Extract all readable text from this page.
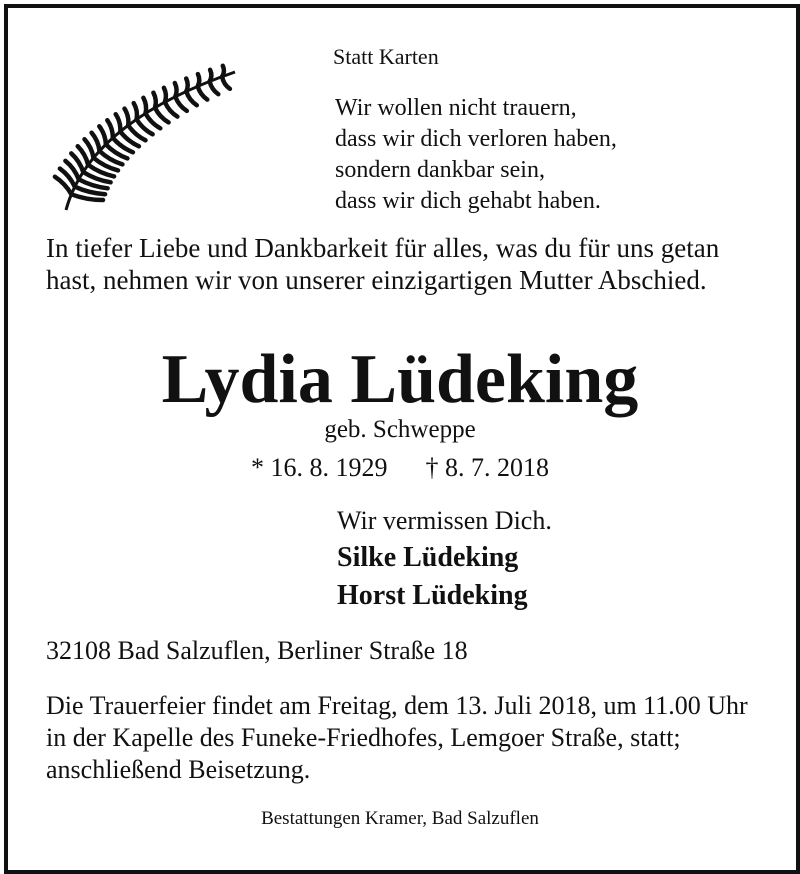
Statt Karten
Wir wollen nicht trauern,
dass wir dich verloren haben,
sondern dankbar sein,
dass wir dich gehabt haben.
In tiefer Liebe und Dankbarkeit für alles, was du für uns getan hast, nehmen wir von unserer einzigartigen Mutter Abschied.
Lydia Lüdeking
geb. Schweppe
* 16. 8. 1929 † 8. 7. 2018
Wir vermissen Dich.
Silke Lüdeking
Horst Lüdeking
32108 Bad Salzuflen, Berliner Straße 18
Die Trauerfeier findet am Freitag, dem 13. Juli 2018, um 11.00 Uhr in der Kapelle des Funeke-Friedhofes, Lemgoer Straße, statt; anschließend Beisetzung.
Bestattungen Kramer, Bad Salzuflen
